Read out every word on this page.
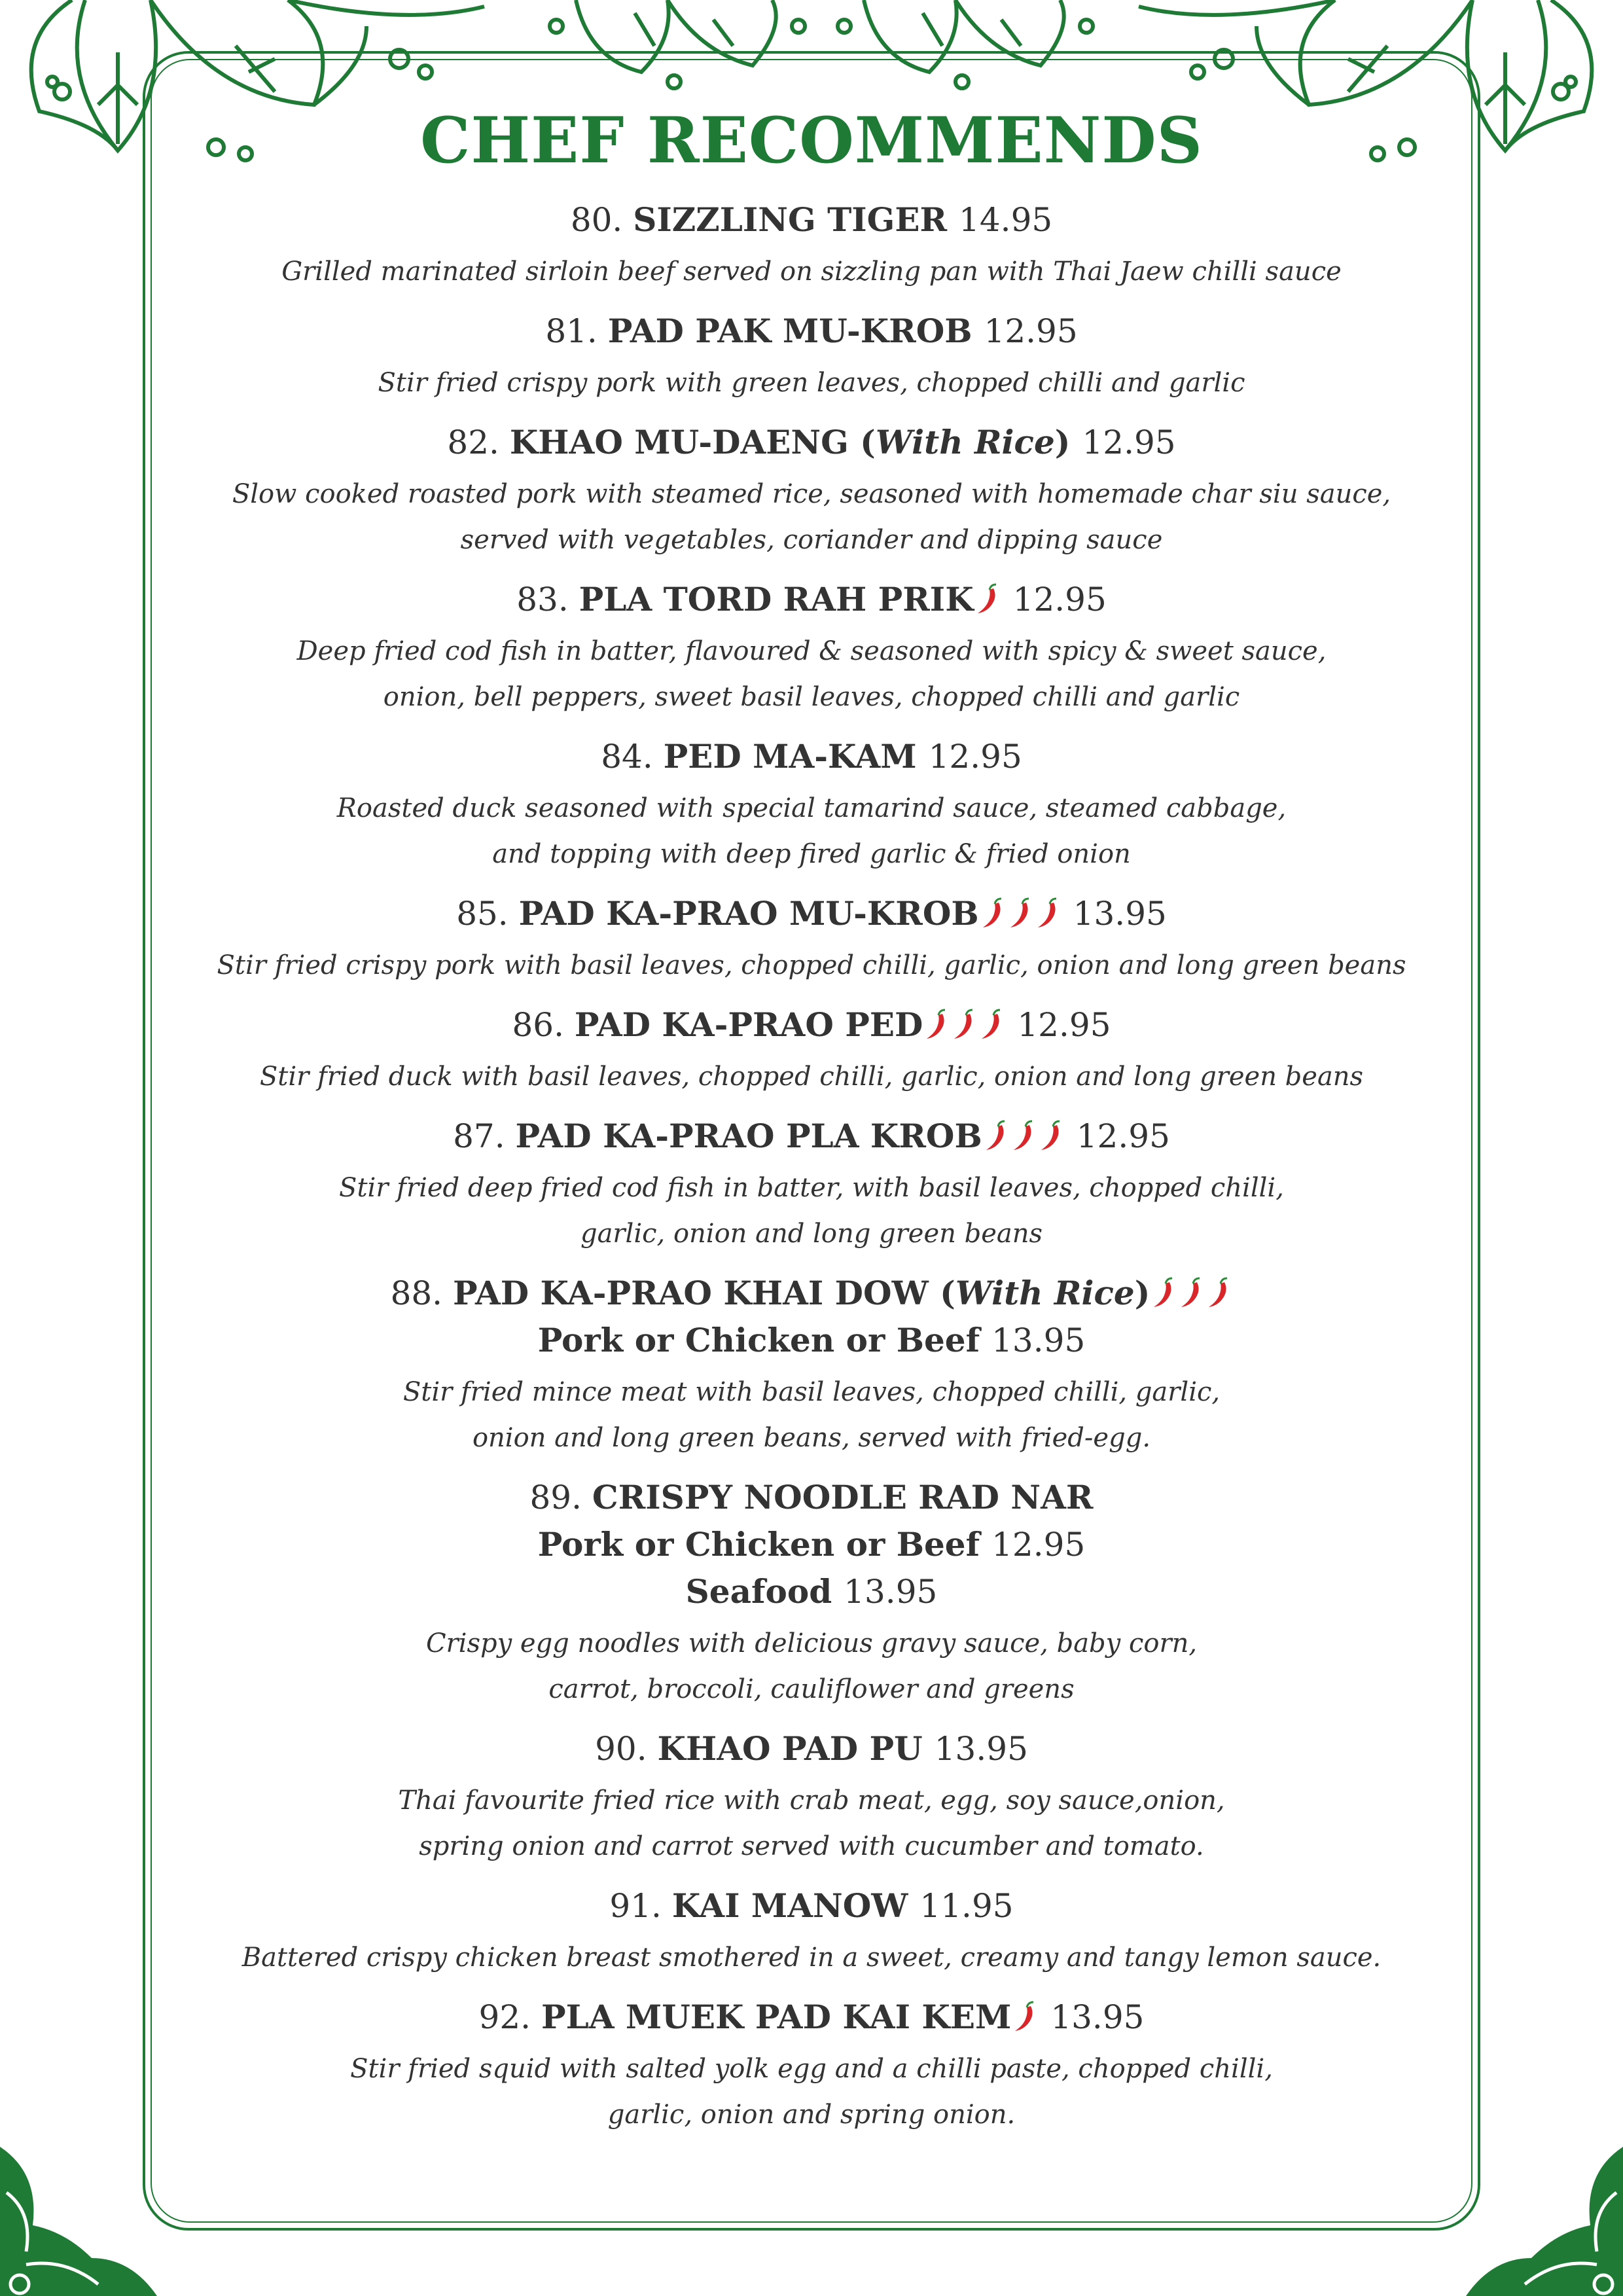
CHEF RECOMMENDS
80. SIZZLING TIGER 14.95
Grilled marinated sirloin beef served on sizzling pan with Thai Jaew chilli sauce
81. PAD PAK MU-KROB 12.95
Stir fried crispy pork with green leaves, chopped chilli and garlic
82. KHAO MU-DAENG (With Rice) 12.95
Slow cooked roasted pork with steamed rice, seasoned with homemade char siu sauce,
served with vegetables, coriander and dipping sauce
83. PLA TORD RAH PRIK 12.95
Deep fried cod fish in batter, flavoured & seasoned with spicy & sweet sauce,
onion, bell peppers, sweet basil leaves, chopped chilli and garlic
84. PED MA-KAM 12.95
Roasted duck seasoned with special tamarind sauce, steamed cabbage,
and topping with deep fired garlic & fried onion
85. PAD KA-PRAO MU-KROB	13.95
Stir fried crispy pork with basil leaves, chopped chilli, garlic, onion and long green beans
86. PAD KA-PRAO PED	12.95
Stir fried duck with basil leaves, chopped chilli, garlic, onion and long green beans
87. PAD KA-PRAO PLA KROB	12.95
Stir fried deep fried cod fish in batter, with basil leaves, chopped chilli,
garlic, onion and long green beans
88. PAD KA-PRAO KHAI DOW (With Rice)
Pork or Chicken or Beef 13.95
Stir fried mince meat with basil leaves, chopped chilli, garlic,
onion and long green beans, served with fried-egg.
89. CRISPY NOODLE RAD NAR
Pork or Chicken or Beef 12.95
Seafood 13.95
Crispy egg noodles with delicious gravy sauce, baby corn,
carrot, broccoli, cauliflower and greens
90. KHAO PAD PU 13.95
Thai favourite fried rice with crab meat, egg, soy sauce,onion,
spring onion and carrot served with cucumber and tomato.
91. KAI MANOW 11.95
Battered crispy chicken breast smothered in a sweet, creamy and tangy lemon sauce.
92. PLA MUEK PAD KAI KEM 13.95
Stir fried squid with salted yolk egg and a chilli paste, chopped chilli,
garlic, onion and spring onion.
